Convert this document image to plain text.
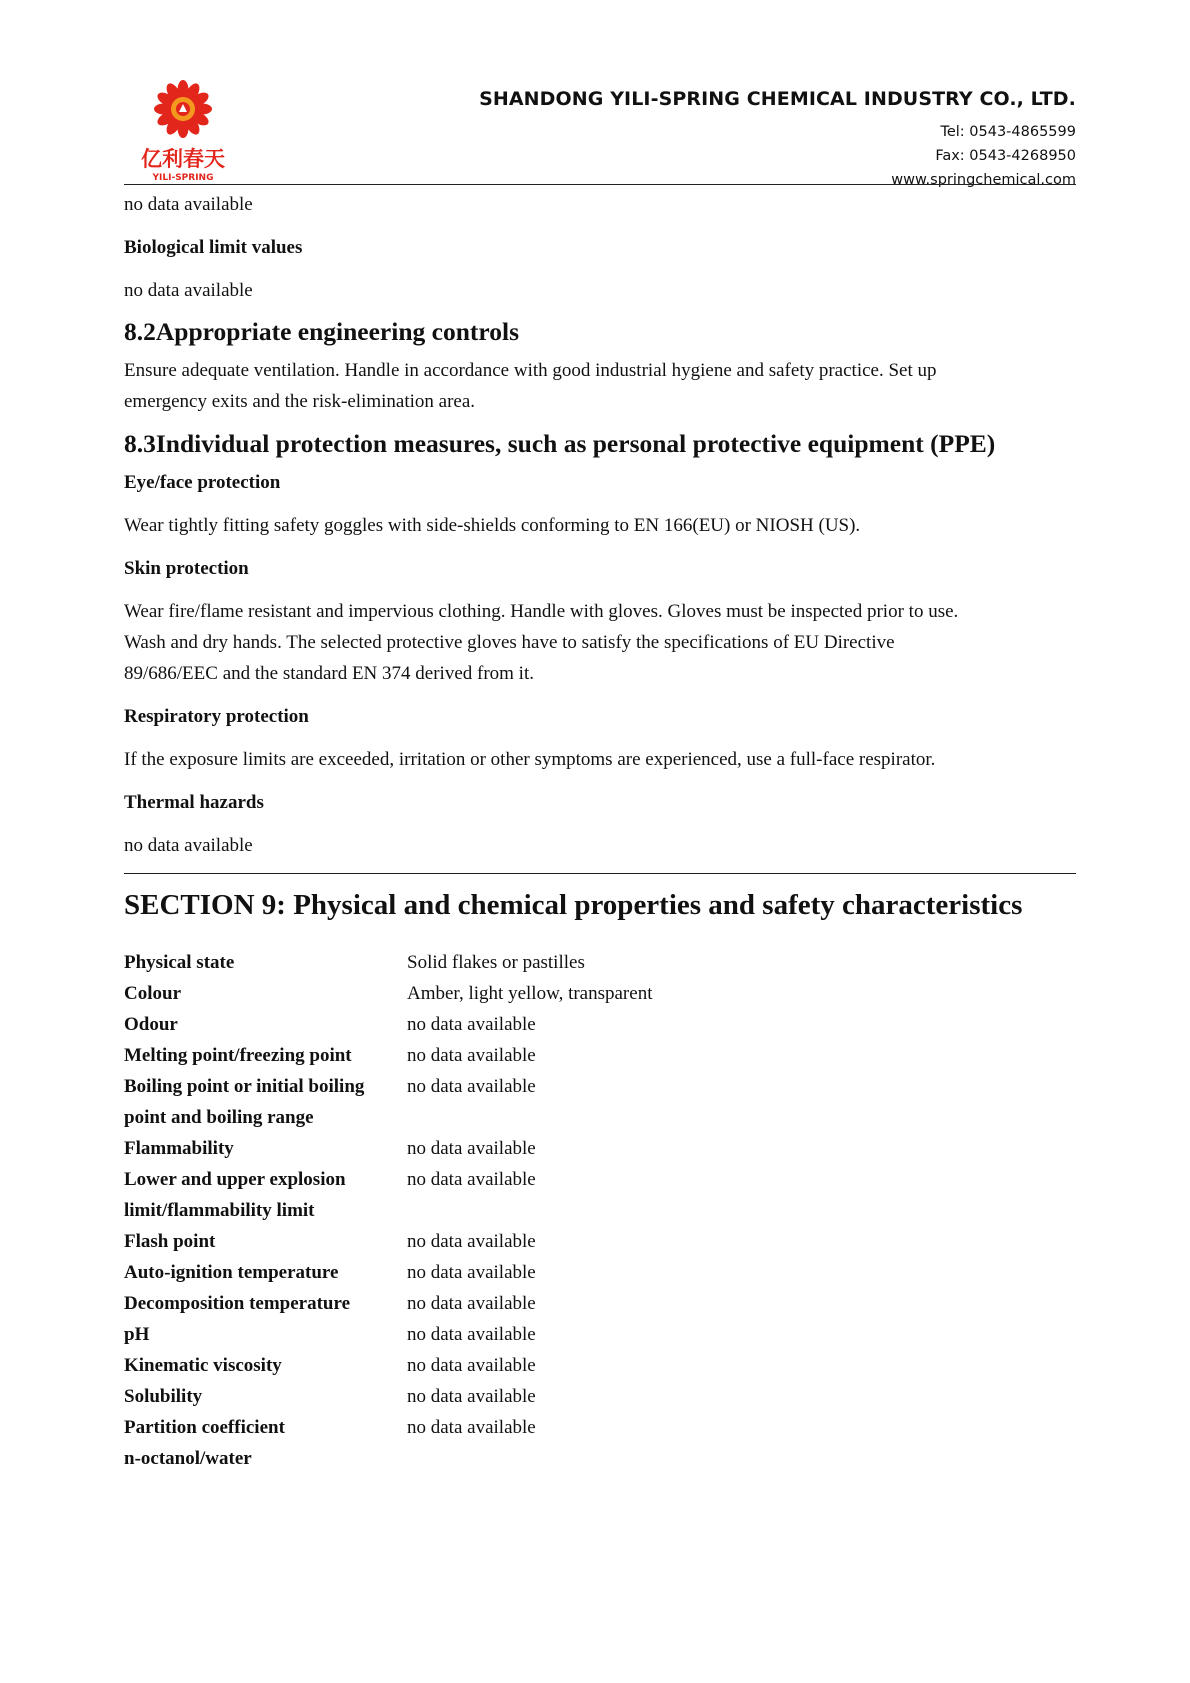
亿利春天
YILI-SPRING
SHANDONG YILI-SPRING CHEMICAL INDUSTRY CO., LTD.
Tel: 0543-4865599
Fax: 0543-4268950
www.springchemical.com

no data available

Biological limit values

no data available

8.2Appropriate engineering controls

Ensure adequate ventilation. Handle in accordance with good industrial hygiene and safety practice. Set up

emergency exits and the risk-elimination area.

8.3Individual protection measures, such as personal protective equipment (PPE)

Eye/face protection

Wear tightly fitting safety goggles with side-shields conforming to EN 166(EU) or NIOSH (US).

Skin protection

Wear fire/flame resistant and impervious clothing. Handle with gloves. Gloves must be inspected prior to use.

Wash and dry hands. The selected protective gloves have to satisfy the specifications of EU Directive

89/686/EEC and the standard EN 374 derived from it.

Respiratory protection

If the exposure limits are exceeded, irritation or other symptoms are experienced, use a full-face respirator.

Thermal hazards

no data available

SECTION 9: Physical and chemical properties and safety characteristics

Physical state	Solid flakes or pastilles
Colour	Amber, light yellow, transparent
Odour	no data available
Melting point/freezing point	no data available
Boiling point or initial boiling
point and boiling range	no data available
Flammability	no data available
Lower and upper explosion
limit/flammability limit	no data available
Flash point	no data available
Auto-ignition temperature	no data available
Decomposition temperature	no data available
pH	no data available
Kinematic viscosity	no data available
Solubility	no data available
Partition coefficient
n-octanol/water	no data available
